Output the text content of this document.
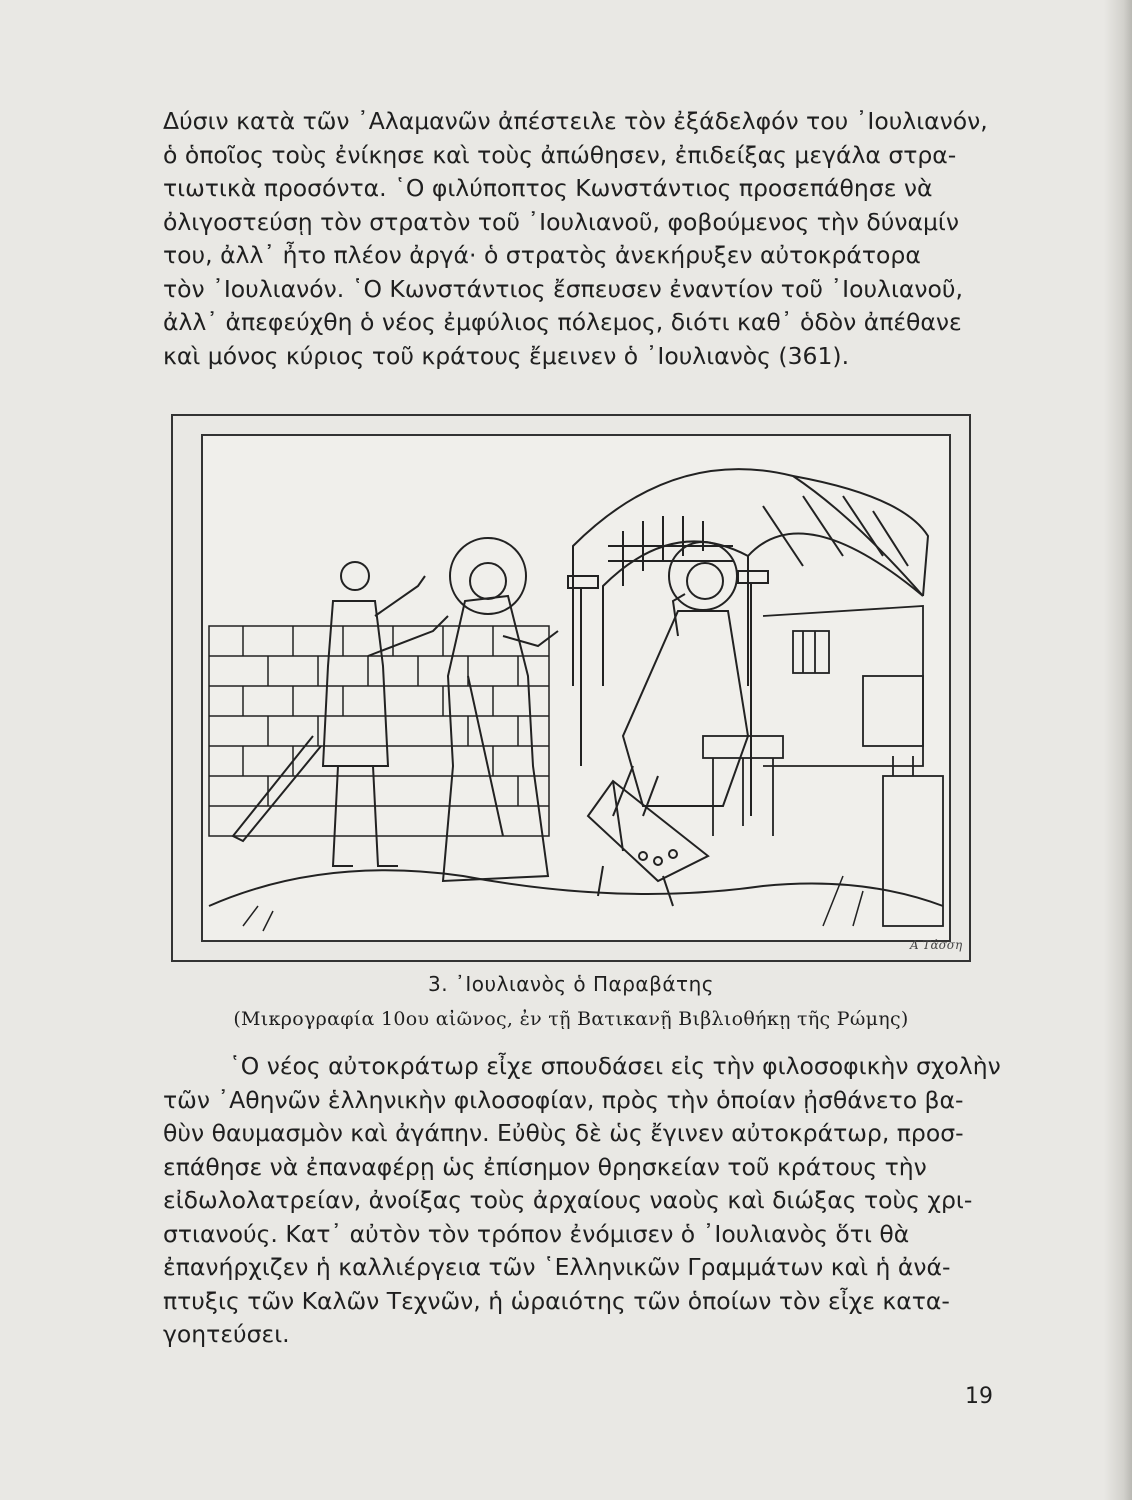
Δύσιν κατὰ τῶν ᾽Αλαμανῶν ἀπέστειλε τὸν ἐξάδελφόν του ᾽Ιουλιανόν,
ὁ ὁποῖος τοὺς ἐνίκησε καὶ τοὺς ἀπώθησεν, ἐπιδείξας μεγάλα στρα-
τιωτικὰ προσόντα. ῾Ο φιλύποπτος Κωνστάντιος προσεπάθησε νὰ
ὀλιγοστεύσῃ τὸν στρατὸν τοῦ ᾽Ιουλιανοῦ, φοβούμενος τὴν δύναμίν
του, ἀλλ᾽ ἦτο πλέον ἀργά· ὁ στρατὸς ἀνεκήρυξεν αὐτοκράτορα
τὸν ᾽Ιουλιανόν. ῾Ο Κωνστάντιος ἔσπευσεν ἐναντίον τοῦ ᾽Ιουλιανοῦ,
ἀλλ᾽ ἀπεφεύχθη ὁ νέος ἐμφύλιος πόλεμος, διότι καθ᾽ ὁδὸν ἀπέθανε
καὶ μόνος κύριος τοῦ κράτους ἔμεινεν ὁ ᾽Ιουλιανὸς (361).

A Τάσση

3. ᾽Ιουλιανὸς ὁ Παραβάτης

(Μικρογραφία 10ου αἰῶνος, ἐν τῇ Βατικανῇ Βιβλιοθήκῃ τῆς Ρώμης)

῾Ο νέος αὐτοκράτωρ εἶχε σπουδάσει εἰς τὴν φιλοσοφικὴν σχολὴν
τῶν ᾽Αθηνῶν ἑλληνικὴν φιλοσοφίαν, πρὸς τὴν ὁποίαν ᾐσθάνετο βα-
θὺν θαυμασμὸν καὶ ἀγάπην. Εὐθὺς δὲ ὡς ἔγινεν αὐτοκράτωρ, προσ-
επάθησε νὰ ἐπαναφέρῃ ὡς ἐπίσημον θρησκείαν τοῦ κράτους τὴν
εἰδωλολατρείαν, ἀνοίξας τοὺς ἀρχαίους ναοὺς καὶ διώξας τοὺς χρι-
στιανούς. Κατ᾽ αὐτὸν τὸν τρόπον ἐνόμισεν ὁ ᾽Ιουλιανὸς ὅτι θὰ
ἐπανήρχιζεν ἡ καλλιέργεια τῶν ῾Ελληνικῶν Γραμμάτων καὶ ἡ ἀνά-
πτυξις τῶν Καλῶν Τεχνῶν, ἡ ὡραιότης τῶν ὁποίων τὸν εἶχε κατα-
γοητεύσει.

19
